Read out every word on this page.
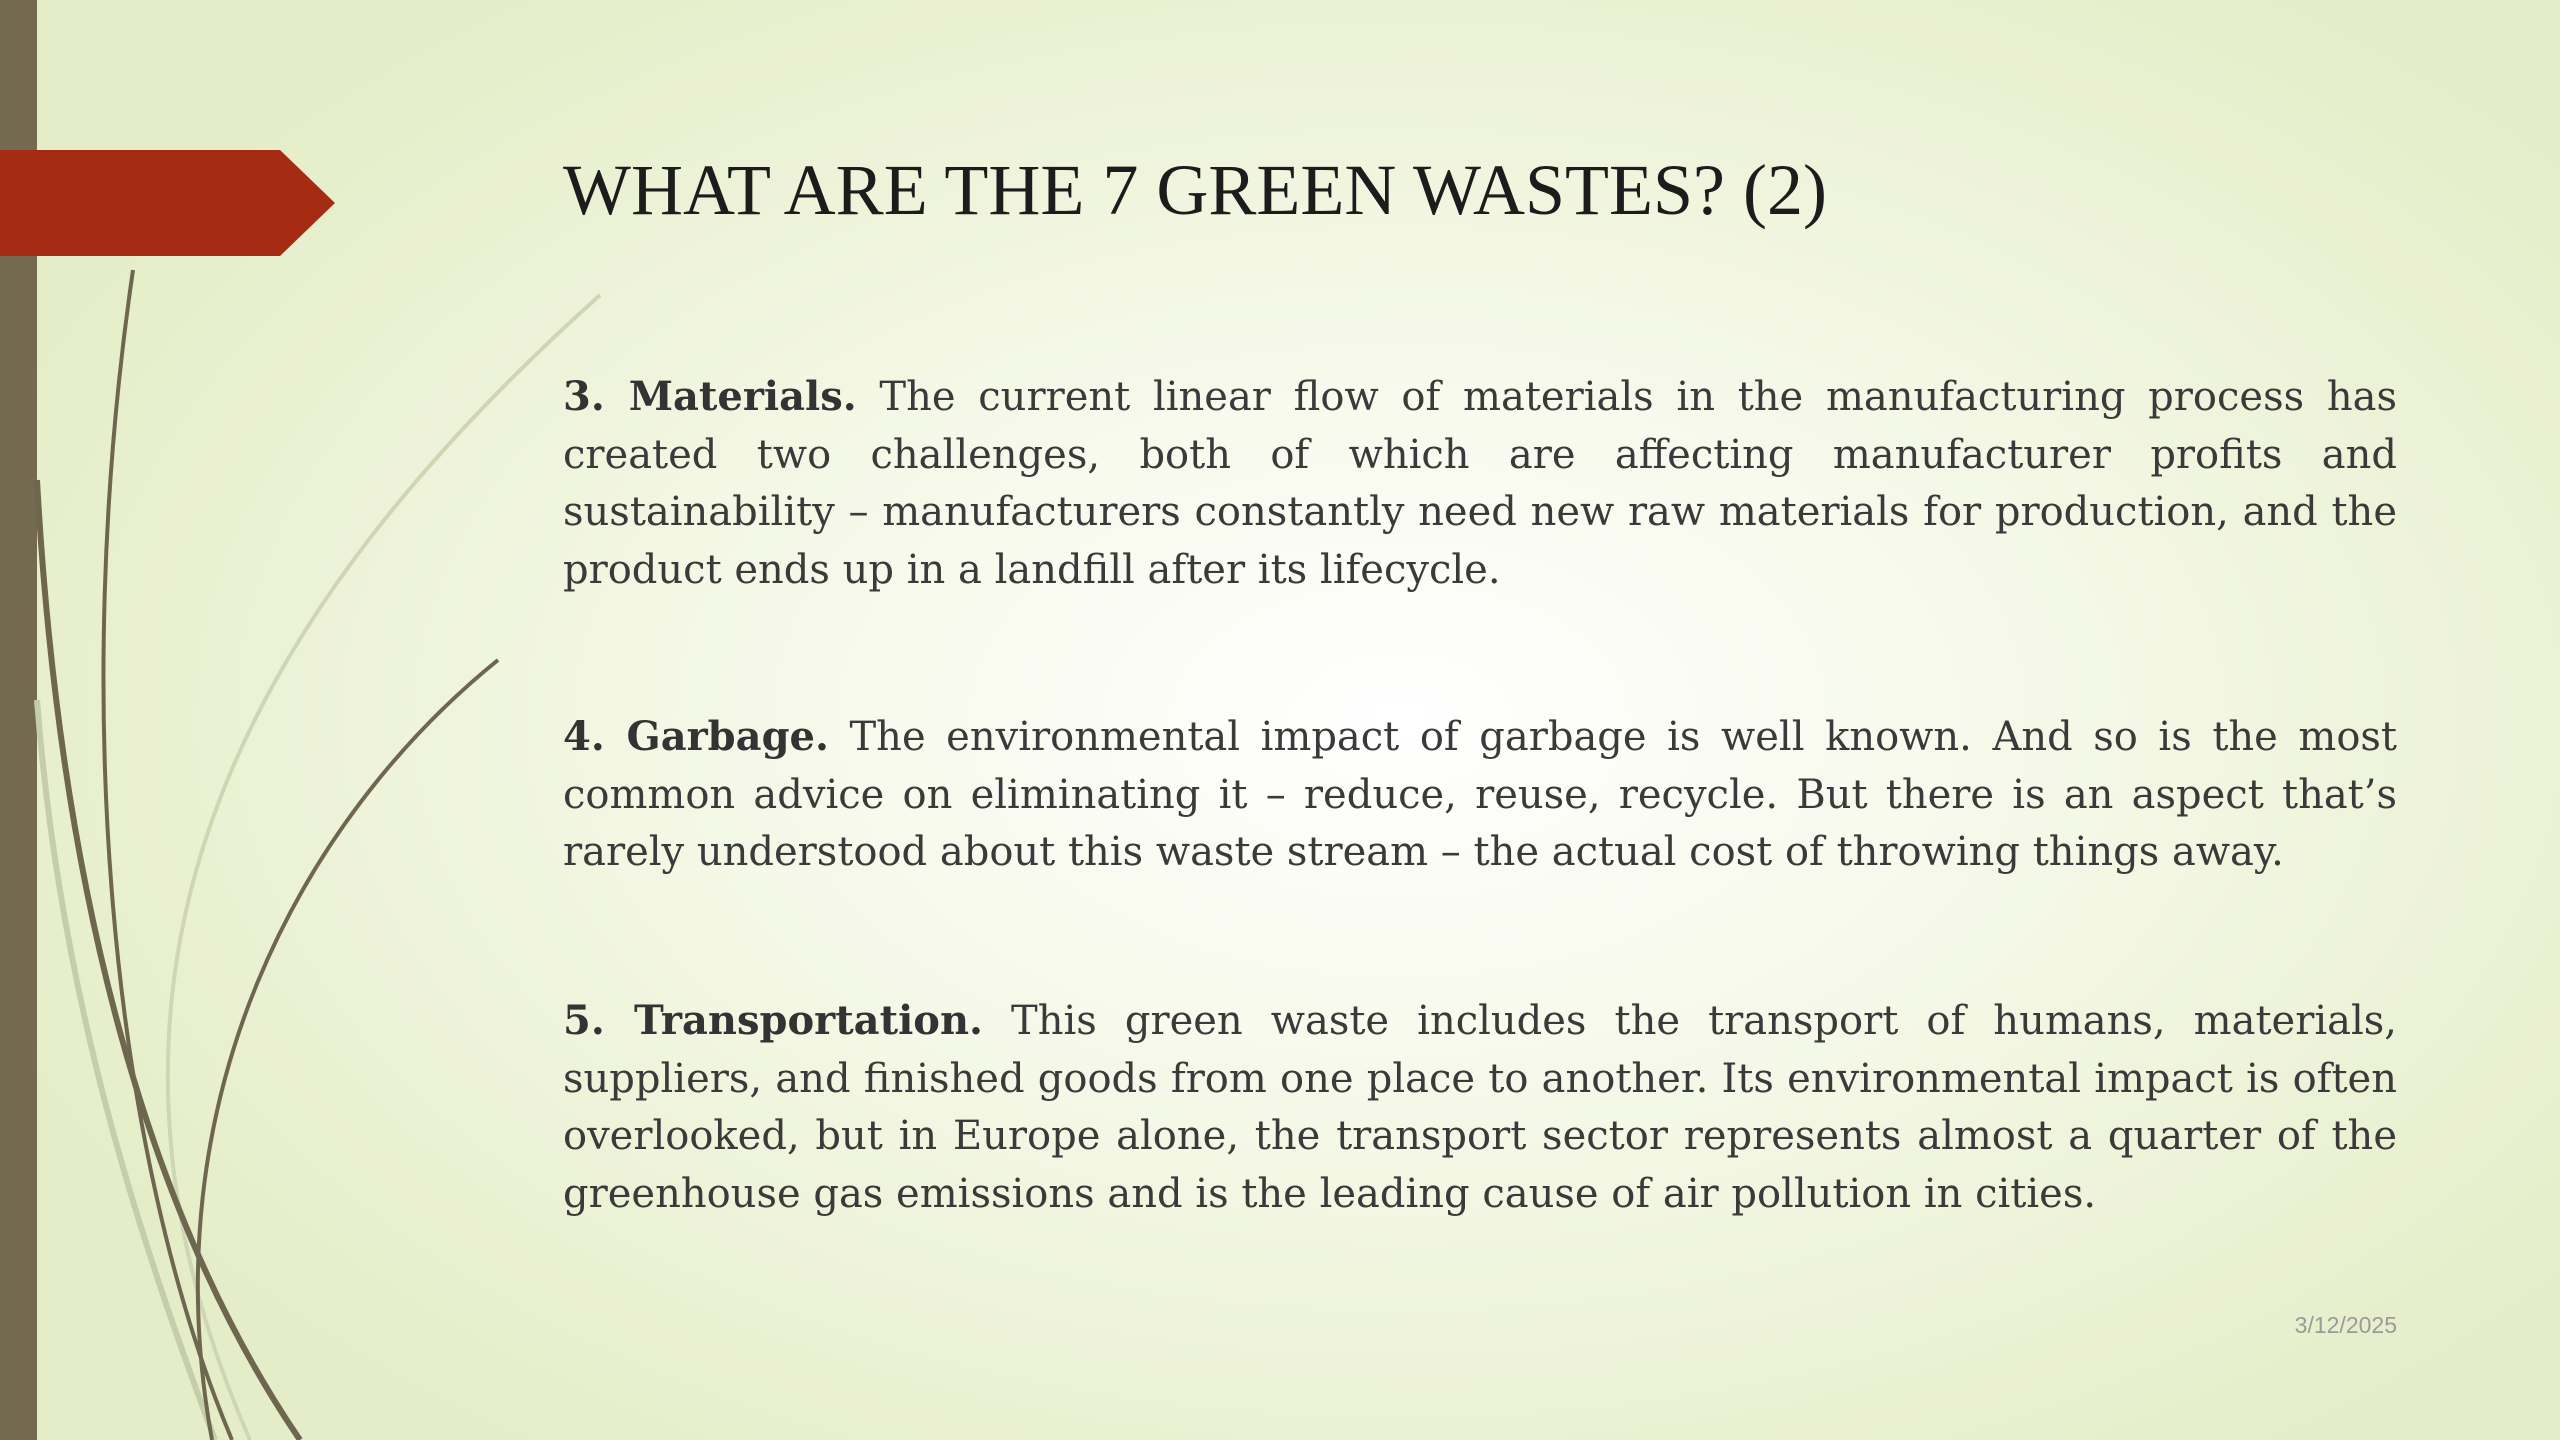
WHAT ARE THE 7 GREEN WASTES? (2)

3. Materials. The current linear flow of materials in the manufacturing process has created two challenges, both of which are affecting manufacturer profits and sustainability – manufacturers constantly need new raw materials for production, and the product ends up in a landfill after its lifecycle.

4. Garbage. The environmental impact of garbage is well known. And so is the most common advice on eliminating it – reduce, reuse, recycle. But there is an aspect that’s rarely understood about this waste stream – the actual cost of throwing things away.

5. Transportation. This green waste includes the transport of humans, materials, suppliers, and finished goods from one place to another. Its environmental impact is often overlooked, but in Europe alone, the transport sector represents almost a quarter of the greenhouse gas emissions and is the leading cause of air pollution in cities.

3/12/2025
